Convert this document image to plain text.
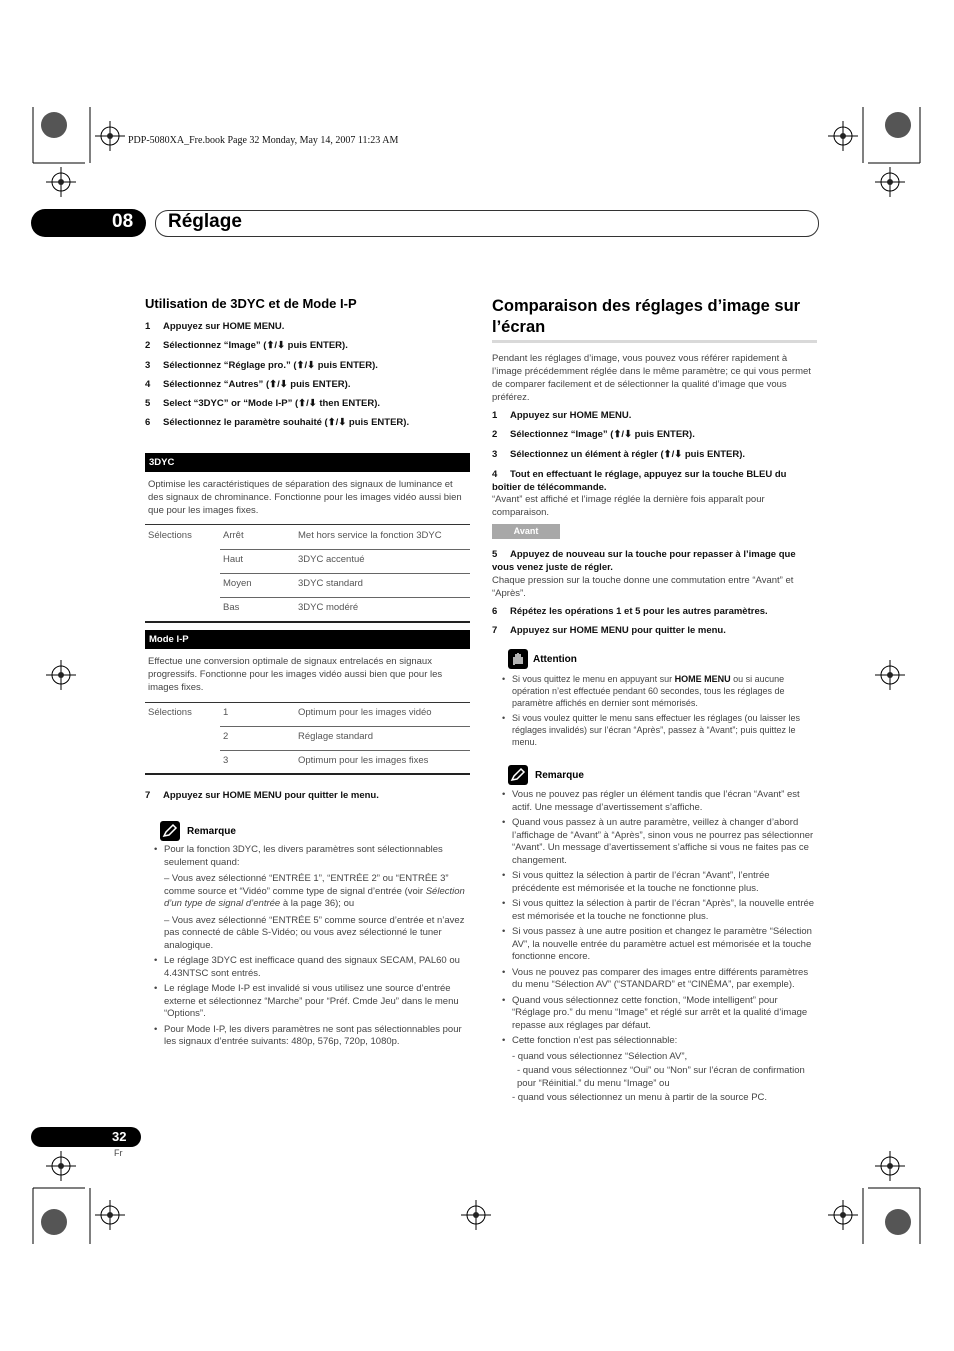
PDP-5080XA_Fre.book Page 32 Monday, May 14, 2007 11:23 AM
08 Réglage
Utilisation de 3DYC et de Mode I-P
1 Appuyez sur HOME MENU.
2 Sélectionnez “Image” (⬆/⬇ puis ENTER).
3 Sélectionnez “Réglage pro.” (⬆/⬇ puis ENTER).
4 Sélectionnez “Autres” (⬆/⬇ puis ENTER).
5 Select “3DYC” or “Mode I-P” (⬆/⬇ then ENTER).
6 Sélectionnez le paramètre souhaité (⬆/⬇ puis ENTER).
3DYC
Optimise les caractéristiques de séparation des signaux de luminance et des signaux de chrominance. Fonctionne pour les images vidéo aussi bien que pour les images fixes.
Sélections	Arrêt	Met hors service la fonction 3DYC
Haut	3DYC accentué
Moyen	3DYC standard
Bas	3DYC modéré
Mode I-P
Effectue une conversion optimale de signaux entrelacés en signaux progressifs. Fonctionne pour les images vidéo aussi bien que pour les images fixes.
Sélections	1	Optimum pour les images vidéo
2	Réglage standard
3	Optimum pour les images fixes
7 Appuyez sur HOME MENU pour quitter le menu.
Remarque
• Pour la fonction 3DYC, les divers paramètres sont sélectionnables seulement quand:
– Vous avez sélectionné “ENTRÉE 1”, “ENTRÉE 2” ou “ENTRÉE 3” comme source et “Vidéo” comme type de signal d’entrée (voir Sélection d’un type de signal d’entrée à la page 36); ou
– Vous avez sélectionné “ENTRÉE 5” comme source d’entrée et n’avez pas connecté de câble S-Vidéo; ou vous avez sélectionné le tuner analogique.
• Le réglage 3DYC est inefficace quand des signaux SECAM, PAL60 ou 4.43NTSC sont entrés.
• Le réglage Mode I-P est invalidé si vous utilisez une source d’entrée externe et sélectionnez “Marche” pour “Préf. Cmde Jeu” dans le menu “Options”.
• Pour Mode I-P, les divers paramètres ne sont pas sélectionnables pour les signaux d’entrée suivants: 480p, 576p, 720p, 1080p.
Comparaison des réglages d’image sur l’écran
Pendant les réglages d’image, vous pouvez vous référer rapidement à l’image précédemment réglée dans le même paramètre; ce qui vous permet de comparer facilement et de sélectionner la qualité d’image que vous préférez.
1 Appuyez sur HOME MENU.
2 Sélectionnez “Image” (⬆/⬇ puis ENTER).
3 Sélectionnez un élément à régler (⬆/⬇ puis ENTER).
4 Tout en effectuant le réglage, appuyez sur la touche BLEU du boîtier de télécommande.
“Avant” est affiché et l’image réglée la dernière fois apparaît pour comparaison.
Avant
5 Appuyez de nouveau sur la touche pour repasser à l’image que vous venez juste de régler.
Chaque pression sur la touche donne une commutation entre “Avant” et “Après”.
6 Répétez les opérations 1 et 5 pour les autres paramètres.
7 Appuyez sur HOME MENU pour quitter le menu.
Attention
• Si vous quittez le menu en appuyant sur HOME MENU ou si aucune opération n’est effectuée pendant 60 secondes, tous les réglages de paramètre affichés en dernier sont mémorisés.
• Si vous voulez quitter le menu sans effectuer les réglages (ou laisser les réglages invalidés) sur l’écran “Après”, passez à “Avant”; puis quittez le menu.
Remarque
• Vous ne pouvez pas régler un élément tandis que l’écran “Avant” est actif. Une message d’avertissement s’affiche.
• Quand vous passez à un autre paramètre, veillez à changer d’abord l’affichage de “Avant” à “Après”, sinon vous ne pourrez pas sélectionner “Avant”. Un message d’avertissement s’affiche si vous ne faites pas ce changement.
• Si vous quittez la sélection à partir de l’écran “Avant”, l’entrée précédente est mémorisée et la touche ne fonctionne plus.
• Si vous quittez la sélection à partir de l’écran “Après”, la nouvelle entrée est mémorisée et la touche ne fonctionne plus.
• Si vous passez à une autre position et changez le paramètre “Sélection AV”, la nouvelle entrée du paramètre actuel est mémorisée et la touche fonctionne encore.
• Vous ne pouvez pas comparer des images entre différents paramètres du menu “Sélection AV” (“STANDARD” et “CINÉMA”, par exemple).
• Quand vous sélectionnez cette fonction, “Mode intelligent” pour “Réglage pro.” du menu “Image” et réglé sur arrêt et la qualité d’image repasse aux réglages par défaut.
• Cette fonction n’est pas sélectionnable:
- quand vous sélectionnez “Sélection AV”,
- quand vous sélectionnez “Oui” ou “Non” sur l’écran de confirmation pour “Réinitial.” du menu “Image” ou
- quand vous sélectionnez un menu à partir de la source PC.
32
Fr
